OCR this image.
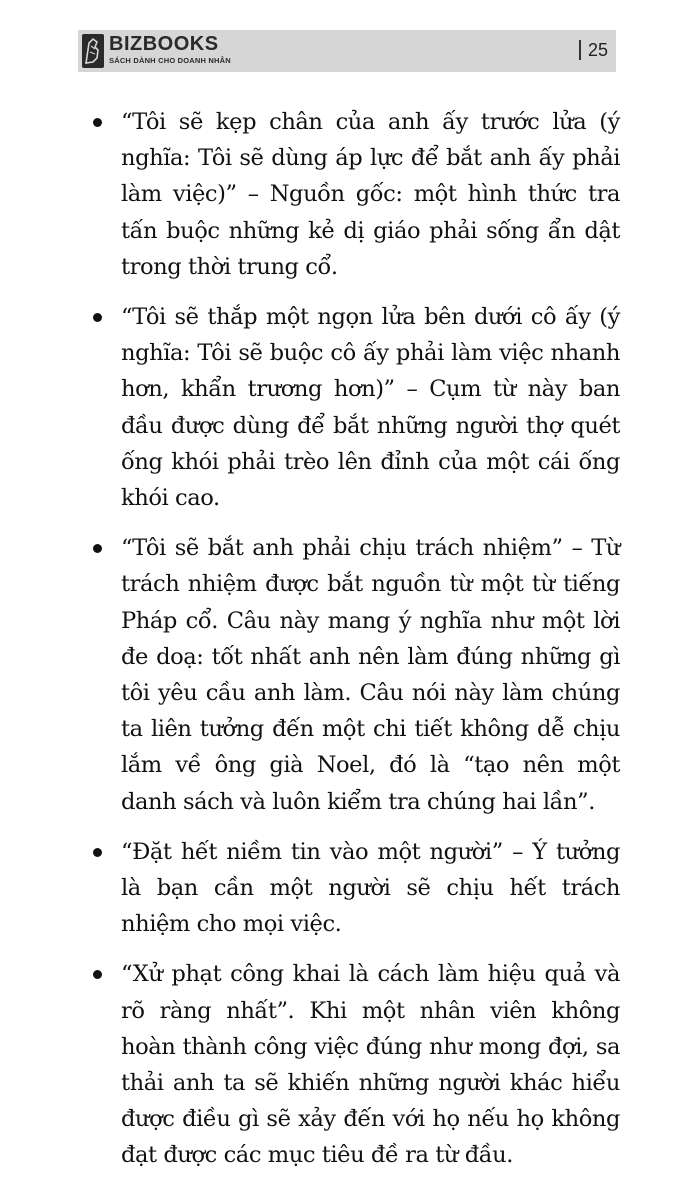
BIZBOOKS
SÁCH DÀNH CHO DOANH NHÂN
25
“Tôi sẽ kẹp chân của anh ấy trước lửa (ý nghĩa: Tôi sẽ dùng áp lực để bắt anh ấy phải làm việc)” – Nguồn gốc: một hình thức tra tấn buộc những kẻ dị giáo phải sống ẩn dật trong thời trung cổ.
“Tôi sẽ thắp một ngọn lửa bên dưới cô ấy (ý nghĩa: Tôi sẽ buộc cô ấy phải làm việc nhanh hơn, khẩn trương hơn)” – Cụm từ này ban đầu được dùng để bắt những người thợ quét ống khói phải trèo lên đỉnh của một cái ống khói cao.
“Tôi sẽ bắt anh phải chịu trách nhiệm” – Từ trách nhiệm được bắt nguồn từ một từ tiếng Pháp cổ. Câu này mang ý nghĩa như một lời đe doạ: tốt nhất anh nên làm đúng những gì tôi yêu cầu anh làm. Câu nói này làm chúng ta liên tưởng đến một chi tiết không dễ chịu lắm về ông già Noel, đó là “tạo nên một danh sách và luôn kiểm tra chúng hai lần”.
“Đặt hết niềm tin vào một người” – Ý tưởng là bạn cần một người sẽ chịu hết trách nhiệm cho mọi việc.
“Xử phạt công khai là cách làm hiệu quả và rõ ràng nhất”. Khi một nhân viên không hoàn thành công việc đúng như mong đợi, sa thải anh ta sẽ khiến những người khác hiểu được điều gì sẽ xảy đến với họ nếu họ không đạt được các mục tiêu đề ra từ đầu.
